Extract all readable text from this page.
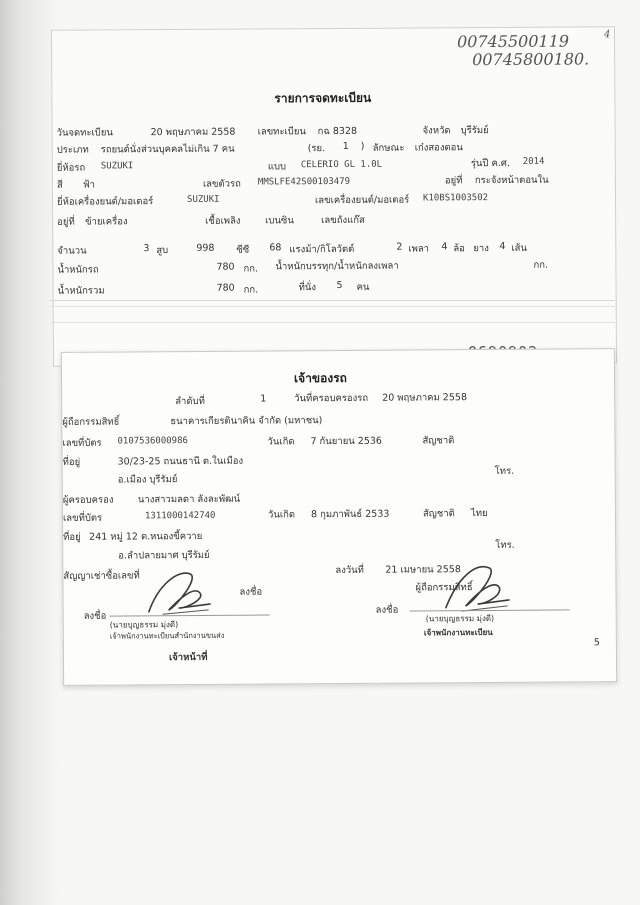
00745500119	4
00745800180.
รายการจดทะเบียน
วันจดทะเบียน	20 พฤษภาคม 2558 เลขทะเบียน กฉ 8328	จังหวัด บุรีรัมย์
ประเภท รถยนต์นั่งส่วนบุคคลไม่เกิน 7 คน	(รย. 1 ) ลักษณะ เก๋งสองตอน
ยี่ห้อรถ SUZUKI	แบบ CELERIO GL 1.0L	รุ่นปี ค.ศ. 2014
สี ฟ้า	เลขตัวรถ MMSLFE42S00103479	อยู่ที่ กระจังหน้าตอนใน
ยี่ห้อเครื่องยนต์/มอเตอร์	SUZUKI	เลขเครื่องยนต์/มอเตอร์ K10BS1003502
อยู่ที่ ข้ายเครื่อง	เชื้อเพลิง	เบนซิน	เลขถังแก๊ส
จำนวน	3 สูบ	998 ซีซี 68 แรงม้า/กิโลวัตต์	2 เพลา 4 ล้อ ยาง 4 เส้น
น้ำหนักรถ	780 กก. น้ำหนักบรรทุก/น้ำหนักลงเพลา	กก.
น้ำหนักรวม	780 กก.	ที่นั่ง 5 คน
เจ้าของรถ
ลำดับที่	1	วันที่ครอบครองรถ 20 พฤษภาคม 2558
ผู้ถือกรรมสิทธิ์	ธนาคารเกียรตินาคิน จำกัด (มหาชน)
เลขที่บัตร 0107536000986	วันเกิด 7 กันยายน 2536	สัญชาติ
ที่อยู่	30/23-25 ถนนธานี ต.ในเมือง
อ.เมือง บุรีรัมย์
โทร.
ผู้ครอบครอง	นางสาวมลดา ลังละพัฒน์
เลขที่บัตร	1311000142740	วันเกิด 8 กุมภาพันธ์ 2533	สัญชาติ ไทย
ที่อยู่ 241 หมู่ 12 ต.หนองขี้ควาย
อ.ลำปลายมาศ บุรีรัมย์
โทร.
สัญญาเช่าซื้อเลขที่	ลงวันที่ 21 เมษายน 2558
ลงชื่อ	ผู้ถือกรรมสิทธิ์
ลงชื่อ
ลงชื่อ
(นายบุญธรรม มุ่งดี)
เจ้าพนักงานทะเบียนสำนักงานขนส่ง
เจ้าหน้าที่
(นายบุญธรรม มุ่งดี)
เจ้าพนักงานทะเบียน
5
